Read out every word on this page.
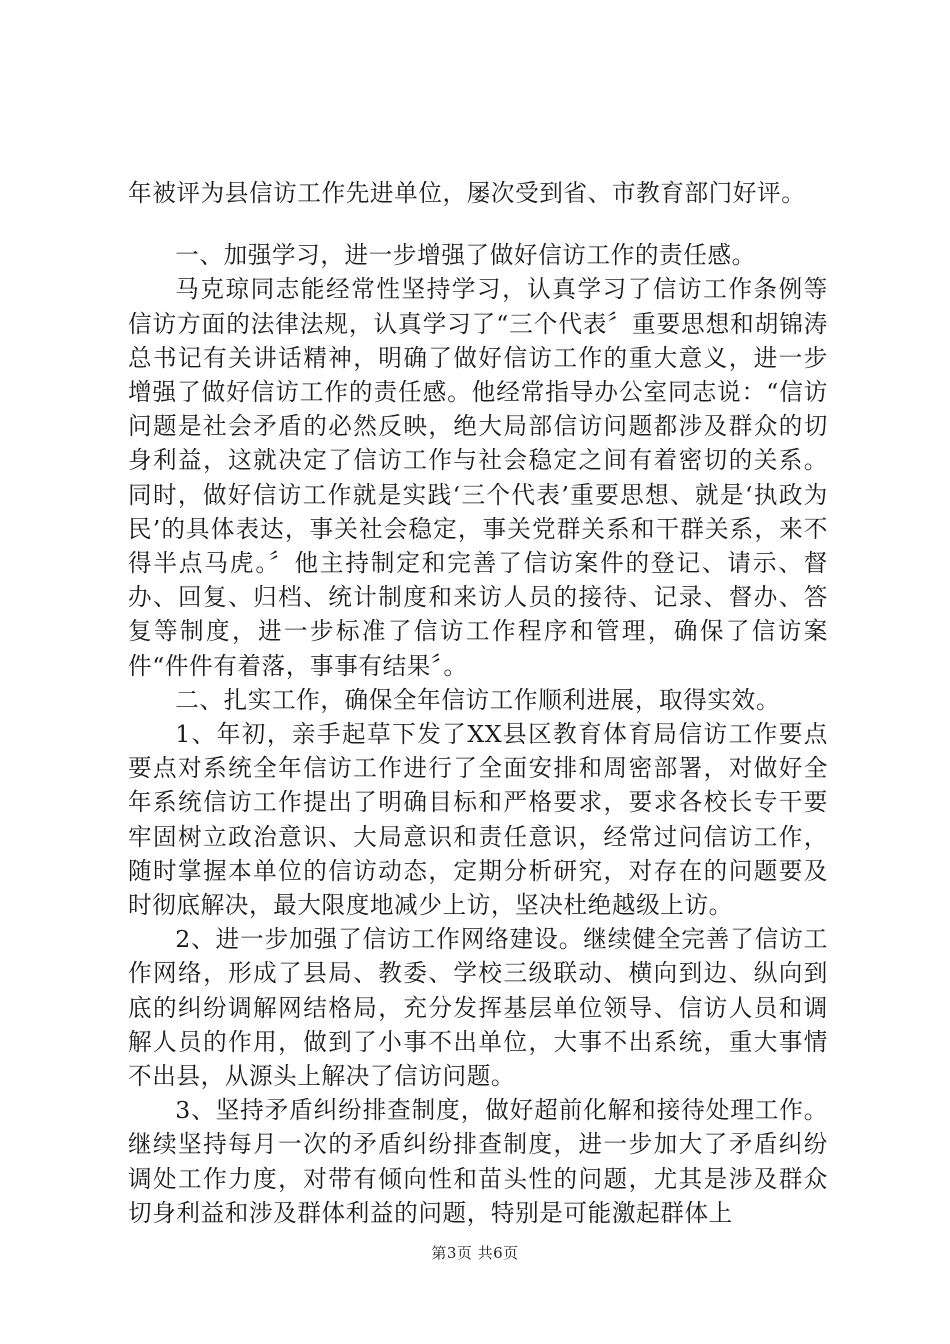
年被评为县信访工作先进单位，屡次受到省、市教育部门好评。

一、加强学习，进一步增强了做好信访工作的责任感。

马克琼同志能经常性坚持学习，认真学习了信访工作条例等信访方面的法律法规，认真学习了“三个代表〞重要思想和胡锦涛总书记有关讲话精神，明确了做好信访工作的重大意义，进一步增强了做好信访工作的责任感。他经常指导办公室同志说：“信访问题是社会矛盾的必然反映，绝大局部信访问题都涉及群众的切身利益，这就决定了信访工作与社会稳定之间有着密切的关系。同时，做好信访工作就是实践‘三个代表’重要思想、就是‘执政为民’的具体表达，事关社会稳定，事关党群关系和干群关系，来不得半点马虎。〞他主持制定和完善了信访案件的登记、请示、督办、回复、归档、统计制度和来访人员的接待、记录、督办、答复等制度，进一步标准了信访工作程序和管理，确保了信访案件“件件有着落，事事有结果〞。

二、扎实工作，确保全年信访工作顺利进展，取得实效。

1、年初，亲手起草下发了XX县区教育体育局信访工作要点要点对系统全年信访工作进行了全面安排和周密部署，对做好全年系统信访工作提出了明确目标和严格要求，要求各校长专干要牢固树立政治意识、大局意识和责任意识，经常过问信访工作，随时掌握本单位的信访动态，定期分析研究，对存在的问题要及时彻底解决，最大限度地减少上访，坚决杜绝越级上访。

2、进一步加强了信访工作网络建设。继续健全完善了信访工作网络，形成了县局、教委、学校三级联动、横向到边、纵向到底的纠纷调解网结格局，充分发挥基层单位领导、信访人员和调解人员的作用，做到了小事不出单位，大事不出系统，重大事情不出县，从源头上解决了信访问题。

3、坚持矛盾纠纷排查制度，做好超前化解和接待处理工作。继续坚持每月一次的矛盾纠纷排查制度，进一步加大了矛盾纠纷调处工作力度，对带有倾向性和苗头性的问题，尤其是涉及群众切身利益和涉及群体利益的问题，特别是可能激起群体上

第3页 共6页
